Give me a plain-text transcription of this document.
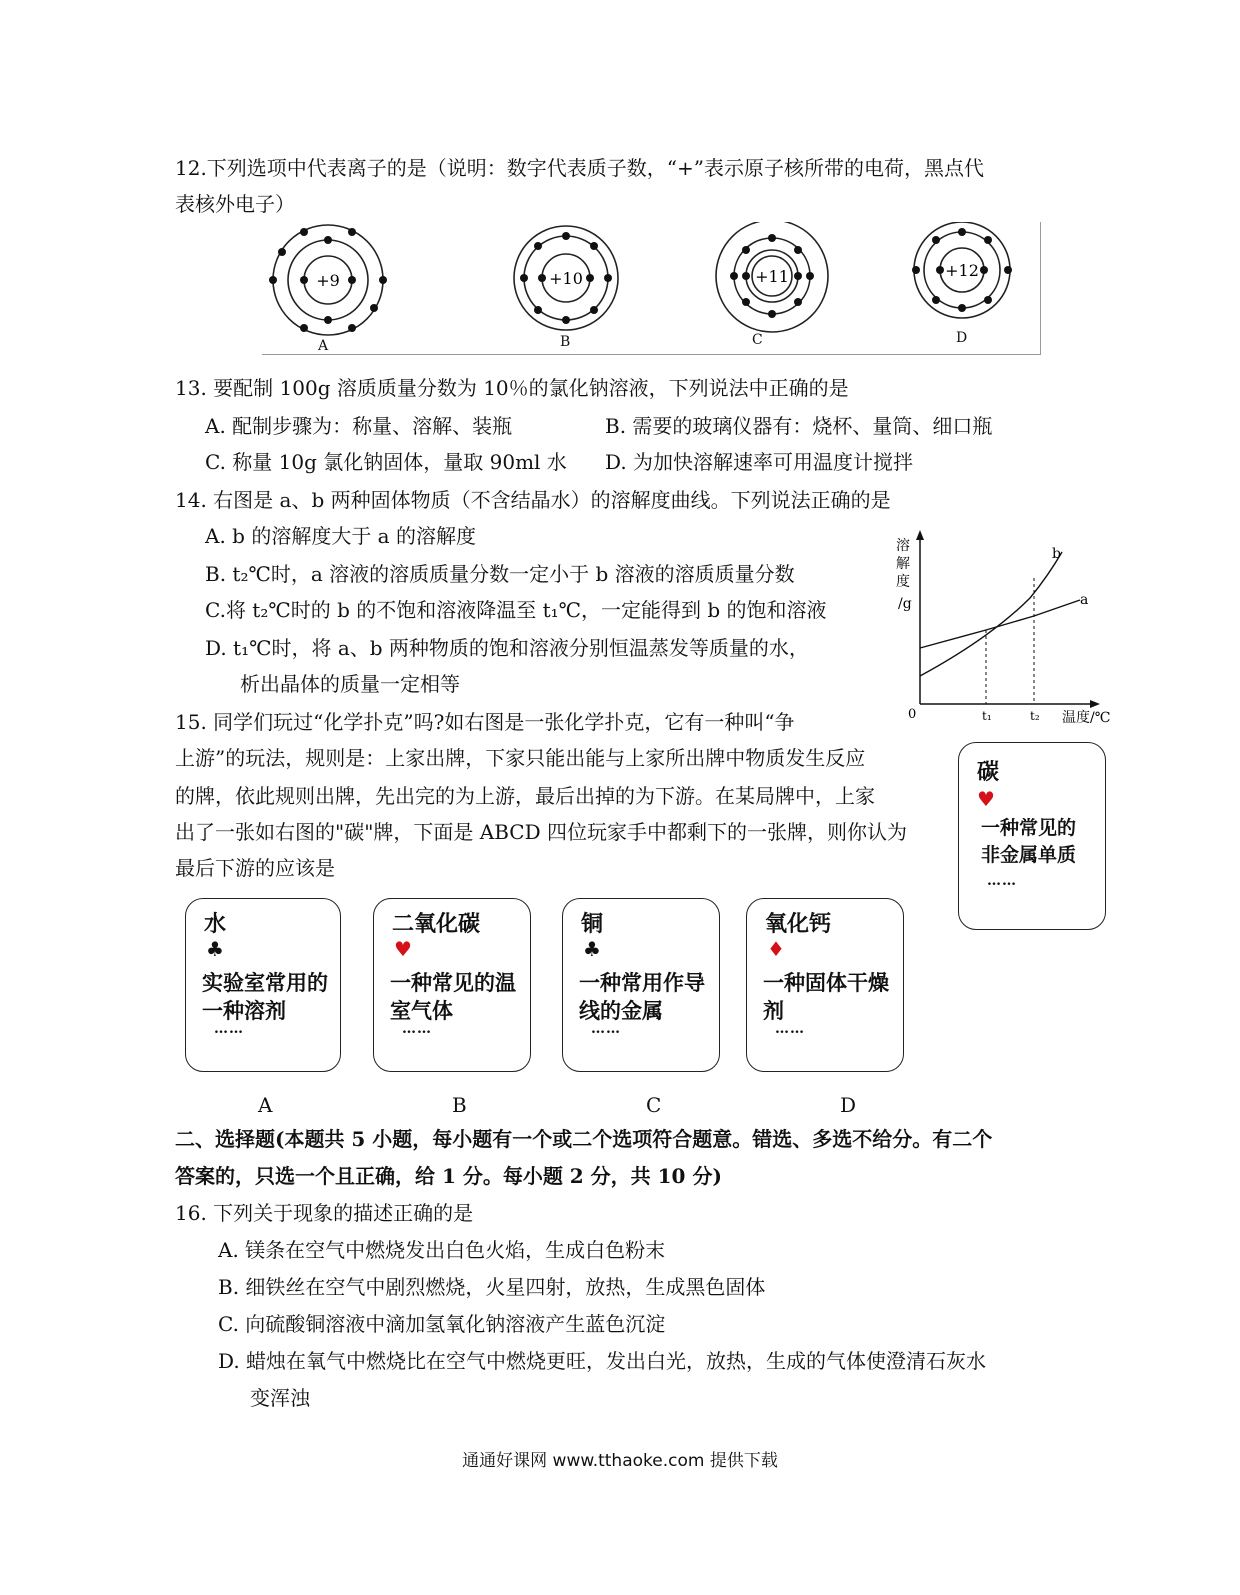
12.下列选项中代表离子的是（说明：数字代表质子数，“+”表示原子核所带的电荷，黑点代
表核外电子）
+9	+10	+11	+12
A	B	C	D
13. 要配制 100g 溶质质量分数为 10％的氯化钠溶液，下列说法中正确的是
A. 配制步骤为：称量、溶解、装瓶	B. 需要的玻璃仪器有：烧杯、量筒、细口瓶
C. 称量 10g 氯化钠固体，量取 90ml 水 D. 为加快溶解速率可用温度计搅拌
14. 右图是 a、b 两种固体物质（不含结晶水）的溶解度曲线。下列说法正确的是
A. b 的溶解度大于 a 的溶解度
B. t₂℃时，a 溶液的溶质质量分数一定小于 b 溶液的溶质质量分数
C.将 t₂℃时的 b 的不饱和溶液降温至 t₁℃，一定能得到 b 的饱和溶液
D. t₁℃时，将 a、b 两种物质的饱和溶液分别恒温蒸发等质量的水，
析出晶体的质量一定相等
溶
解
度
/g
0	t₁	t₂ 温度/℃
a
b
15. 同学们玩过“化学扑克”吗?如右图是一张化学扑克，它有一种叫“争
上游”的玩法，规则是：上家出牌，下家只能出能与上家所出牌中物质发生反应
的牌，依此规则出牌，先出完的为上游，最后出掉的为下游。在某局牌中，上家
出了一张如右图的"碳"牌，下面是 ABCD 四位玩家手中都剩下的一张牌，则你认为
最后下游的应该是
碳
♥
一种常见的非金属单质
……
水
♣
实验室常用的一种溶剂
……
二氧化碳
♥
一种常见的温室气体
……
铜
♣
一种常用作导线的金属
……
氧化钙
♦
一种固体干燥剂
……
A	B	C	D
二、选择题(本题共 5 小题，每小题有一个或二个选项符合题意。错选、多选不给分。有二个
答案的，只选一个且正确，给 1 分。每小题 2 分，共 10 分)
16. 下列关于现象的描述正确的是
A. 镁条在空气中燃烧发出白色火焰，生成白色粉末
B. 细铁丝在空气中剧烈燃烧，火星四射，放热，生成黑色固体
C. 向硫酸铜溶液中滴加氢氧化钠溶液产生蓝色沉淀
D. 蜡烛在氧气中燃烧比在空气中燃烧更旺，发出白光，放热，生成的气体使澄清石灰水
变浑浊
通通好课网 www.tthaoke.com 提供下载
